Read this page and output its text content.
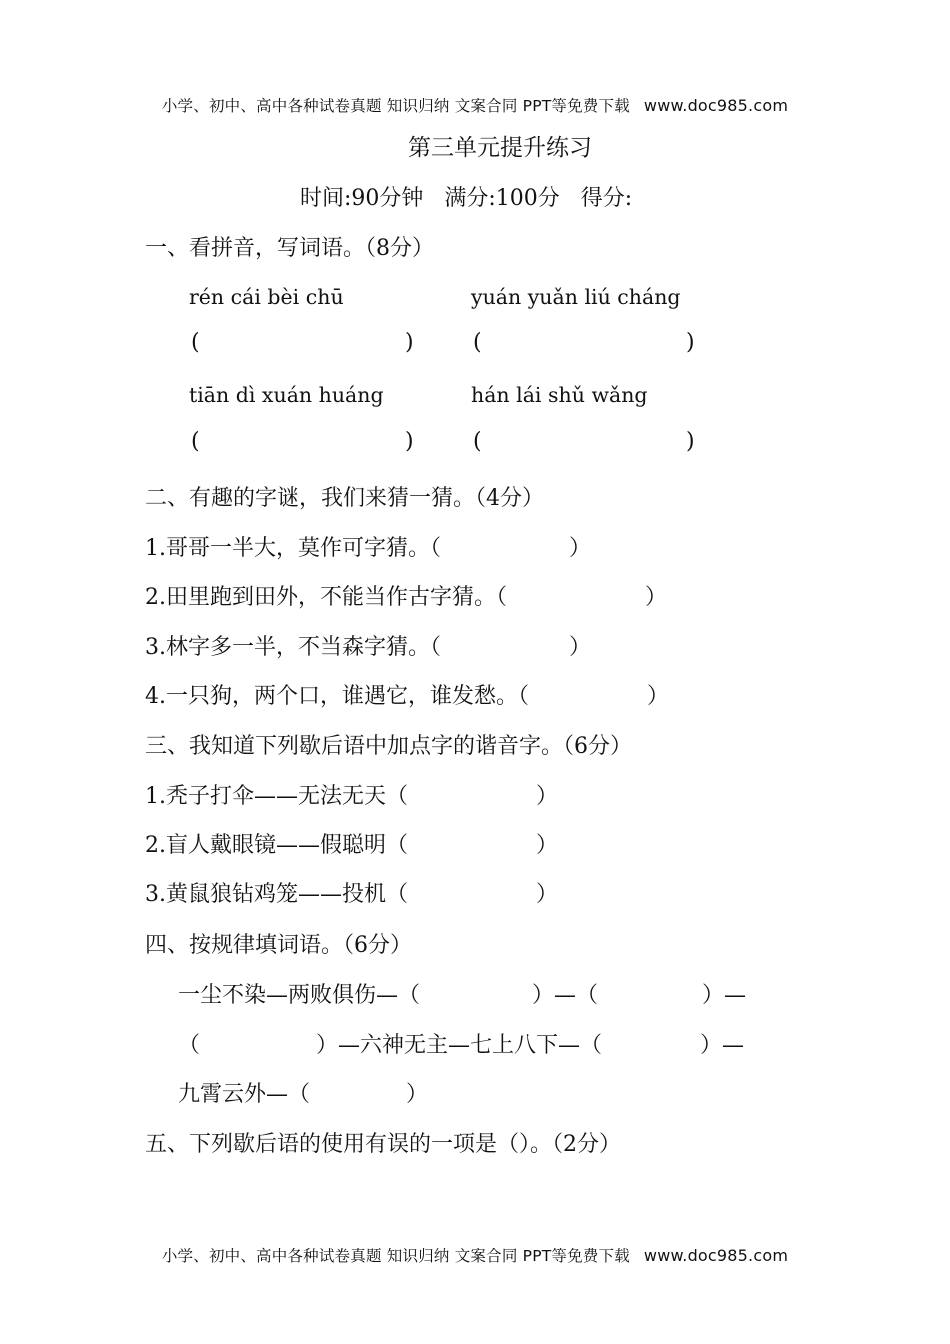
小学、初中、高中各种试卷真题 知识归纳 文案合同 PPT等免费下载 www.doc985.com
第三单元提升练习
时间:90分钟   满分:100分   得分:
一、看拼音，写词语。（8分）
rén cái bèi chū	yuán yuǎn liú cháng
(	)	(	)
tiān dì xuán huáng	hán lái shǔ wǎng
(	)	(	)
二、有趣的字谜，我们来猜一猜。（4分）
1.哥哥一半大，莫作可字猜。（	）
2.田里跑到田外，不能当作古字猜。（	）
3.林字多一半，不当森字猜。（	）
4.一只狗，两个口，谁遇它，谁发愁。（	）
三、我知道下列歇后语中加点字的谐音字。（6分）
1.秃子打伞——无法无天（	）
2.盲人戴眼镜——假聪明（	）
3.黄鼠狼钻鸡笼——投机（	）
四、按规律填词语。（6分）
一尘不染—两败俱伤—（	）—（	）—
（	）—六神无主—七上八下—（	）—
九霄云外—（	）
五、下列歇后语的使用有误的一项是（）。（2分）
小学、初中、高中各种试卷真题 知识归纳 文案合同 PPT等免费下载 www.doc985.com
